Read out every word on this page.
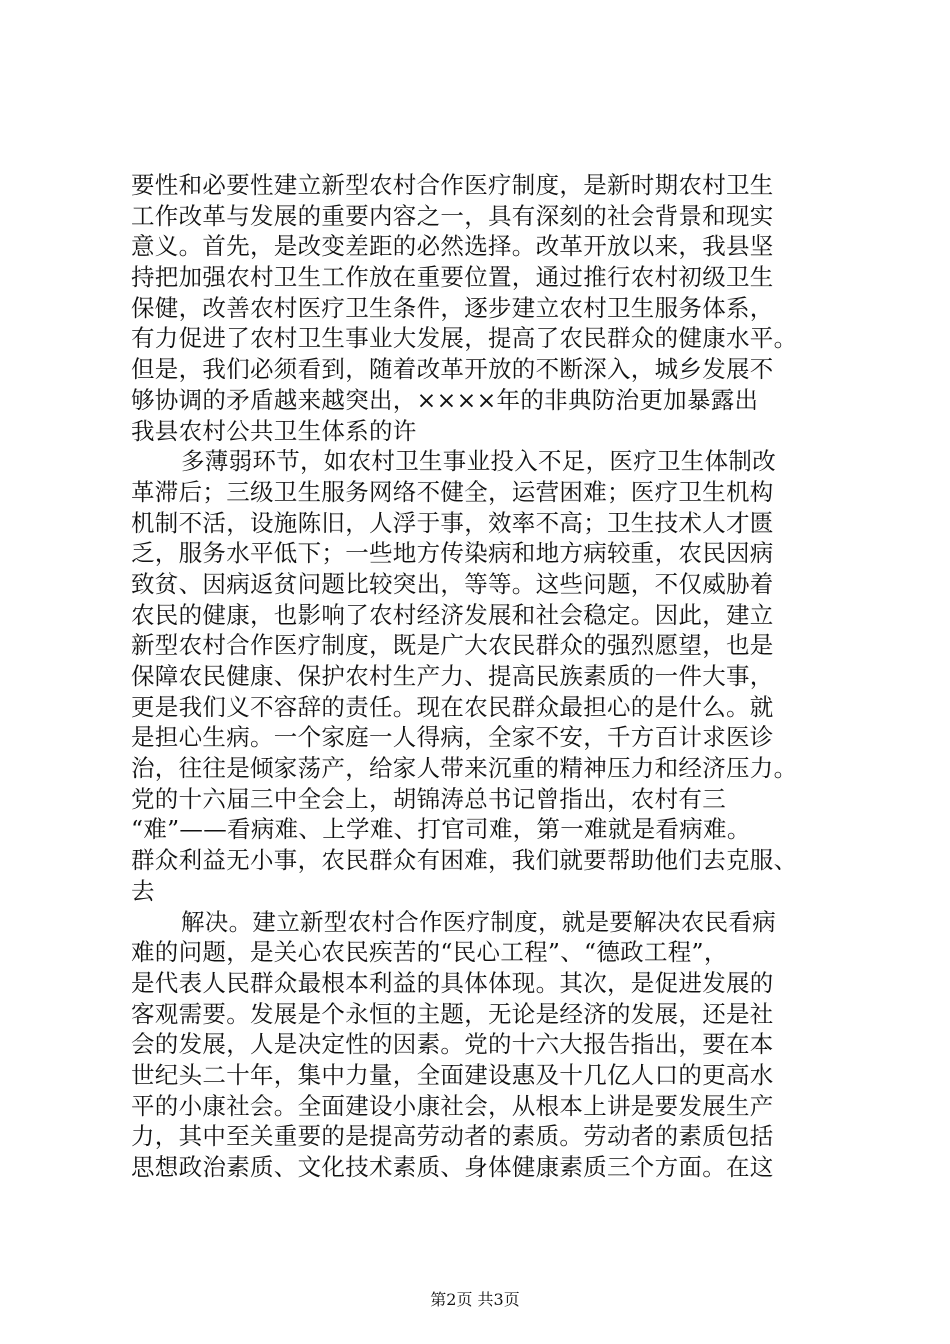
要性和必要性建立新型农村合作医疗制度，是新时期农村卫生
工作改革与发展的重要内容之一，具有深刻的社会背景和现实
意义。首先，是改变差距的必然选择。改革开放以来，我县坚
持把加强农村卫生工作放在重要位置，通过推行农村初级卫生
保健，改善农村医疗卫生条件，逐步建立农村卫生服务体系，
有力促进了农村卫生事业大发展，提高了农民群众的健康水平。
但是，我们必须看到，随着改革开放的不断深入，城乡发展不
够协调的矛盾越来越突出，××××年的非典防治更加暴露出
我县农村公共卫生体系的许
多薄弱环节，如农村卫生事业投入不足，医疗卫生体制改
革滞后；三级卫生服务网络不健全，运营困难；医疗卫生机构
机制不活，设施陈旧，人浮于事，效率不高；卫生技术人才匮
乏，服务水平低下；一些地方传染病和地方病较重，农民因病
致贫、因病返贫问题比较突出，等等。这些问题，不仅威胁着
农民的健康，也影响了农村经济发展和社会稳定。因此，建立
新型农村合作医疗制度，既是广大农民群众的强烈愿望，也是
保障农民健康、保护农村生产力、提高民族素质的一件大事，
更是我们义不容辞的责任。现在农民群众最担心的是什么。就
是担心生病。一个家庭一人得病，全家不安，千方百计求医诊
治，往往是倾家荡产，给家人带来沉重的精神压力和经济压力。
党的十六届三中全会上，胡锦涛总书记曾指出，农村有三
“难”——看病难、上学难、打官司难，第一难就是看病难。
群众利益无小事，农民群众有困难，我们就要帮助他们去克服、
去
解决。建立新型农村合作医疗制度，就是要解决农民看病
难的问题，是关心农民疾苦的“民心工程”、“德政工程”，
是代表人民群众最根本利益的具体体现。其次，是促进发展的
客观需要。发展是个永恒的主题，无论是经济的发展，还是社
会的发展，人是决定性的因素。党的十六大报告指出，要在本
世纪头二十年，集中力量，全面建设惠及十几亿人口的更高水
平的小康社会。全面建设小康社会，从根本上讲是要发展生产
力，其中至关重要的是提高劳动者的素质。劳动者的素质包括
思想政治素质、文化技术素质、身体健康素质三个方面。在这
第2页 共3页
